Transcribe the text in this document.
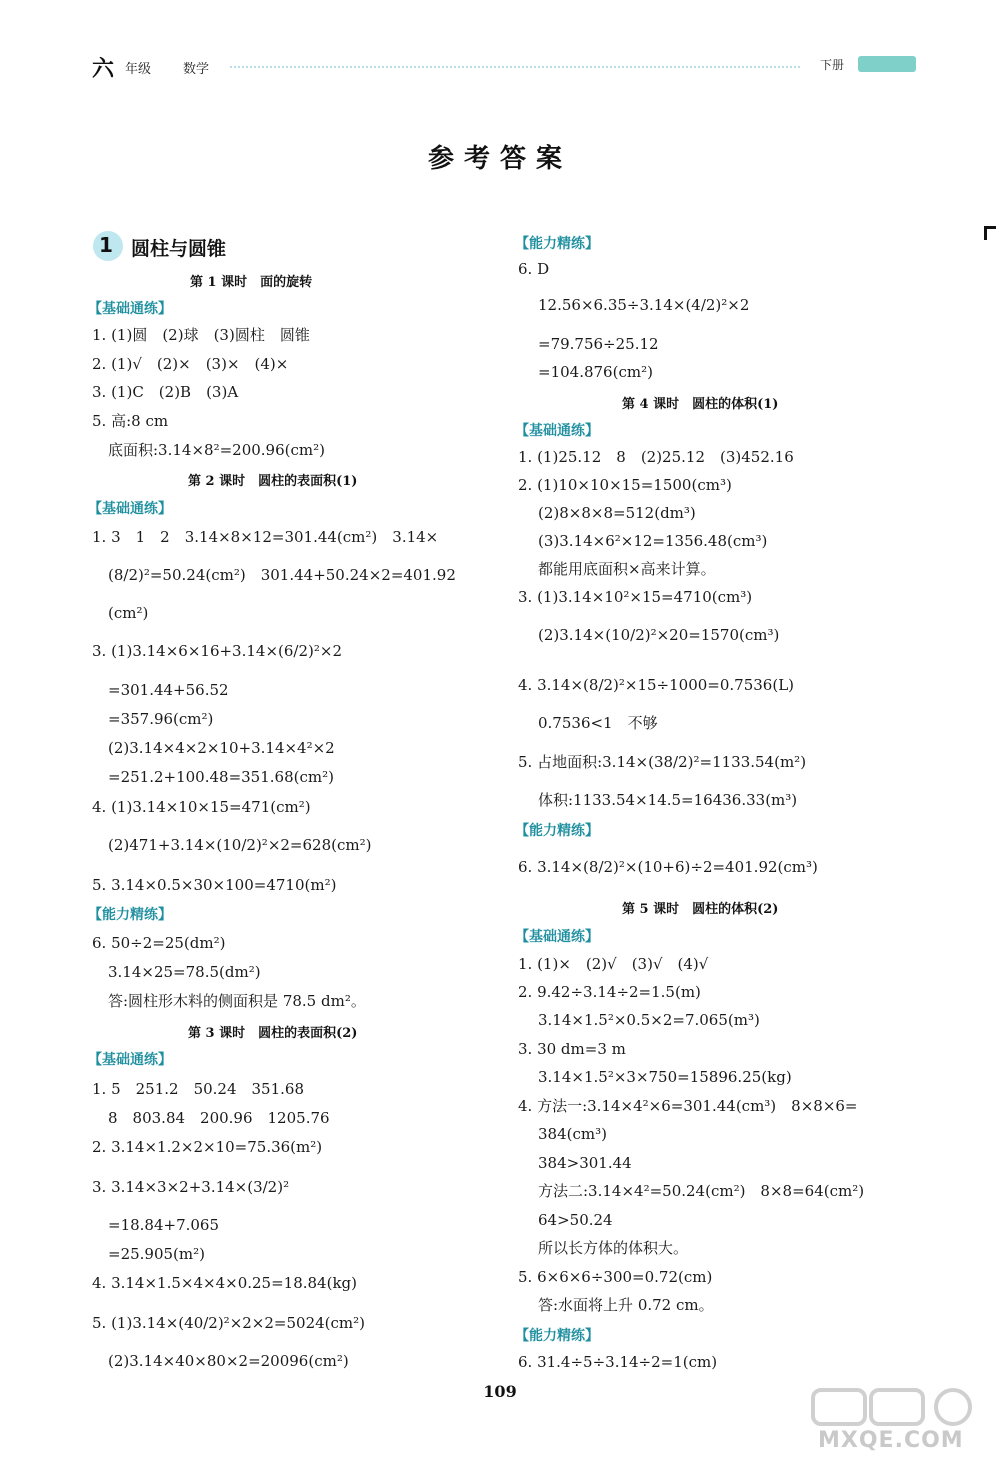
六 年级 数学	下册
参考答案
1 圆柱与圆锥
第 1 课时　面的旋转
【基础通练】
1. (1)圆　(2)球　(3)圆柱　圆锥
2. (1)√　(2)×　(3)×　(4)×
3. (1)C　(2)B　(3)A
5. 高:8 cm
底面积:3.14×8²=200.96(cm²)
第 2 课时　圆柱的表面积(1)
【基础通练】
1. 3　1　2　3.14×8×12=301.44(cm²)　3.14×
(8/2)²=50.24(cm²)　301.44+50.24×2=401.92
(cm²)
3. (1)3.14×6×16+3.14×(6/2)²×2
=301.44+56.52
=357.96(cm²)
(2)3.14×4×2×10+3.14×4²×2
=251.2+100.48=351.68(cm²)
4. (1)3.14×10×15=471(cm²)
(2)471+3.14×(10/2)²×2=628(cm²)
5. 3.14×0.5×30×100=4710(m²)
【能力精练】
6. 50÷2=25(dm²)
3.14×25=78.5(dm²)
答:圆柱形木料的侧面积是 78.5 dm²。
第 3 课时　圆柱的表面积(2)
【基础通练】
1. 5　251.2　50.24　351.68
8　803.84　200.96　1205.76
2. 3.14×1.2×2×10=75.36(m²)
3. 3.14×3×2+3.14×(3/2)²
=18.84+7.065
=25.905(m²)
4. 3.14×1.5×4×4×0.25=18.84(kg)
5. (1)3.14×(40/2)²×2×2=5024(cm²)
(2)3.14×40×80×2=20096(cm²)
【能力精练】
6. D
12.56×6.35÷3.14×(4/2)²×2
=79.756÷25.12
=104.876(cm²)
第 4 课时　圆柱的体积(1)
【基础通练】
1. (1)25.12　8　(2)25.12　(3)452.16
2. (1)10×10×15=1500(cm³)
(2)8×8×8=512(dm³)
(3)3.14×6²×12=1356.48(cm³)
都能用底面积×高来计算。
3. (1)3.14×10²×15=4710(cm³)
(2)3.14×(10/2)²×20=1570(cm³)
4. 3.14×(8/2)²×15÷1000=0.7536(L)
0.7536<1　不够
5. 占地面积:3.14×(38/2)²=1133.54(m²)
体积:1133.54×14.5=16436.33(m³)
【能力精练】
6. 3.14×(8/2)²×(10+6)÷2=401.92(cm³)
第 5 课时　圆柱的体积(2)
【基础通练】
1. (1)×　(2)√　(3)√　(4)√
2. 9.42÷3.14÷2=1.5(m)
3.14×1.5²×0.5×2=7.065(m³)
3. 30 dm=3 m
3.14×1.5²×3×750=15896.25(kg)
4. 方法一:3.14×4²×6=301.44(cm³)　8×8×6=
384(cm³)
384>301.44
方法二:3.14×4²=50.24(cm²)　8×8=64(cm²)
64>50.24
所以长方体的体积大。
5. 6×6×6÷300=0.72(cm)
答:水面将上升 0.72 cm。
【能力精练】
6. 31.4÷5÷3.14÷2=1(cm)
109
MXQE.COM
